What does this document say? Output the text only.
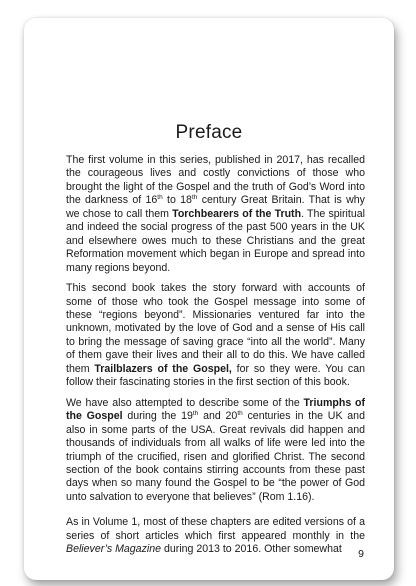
Preface

The first volume in this series, published in 2017, has recalled the courageous lives and costly convictions of those who brought the light of the Gospel and the truth of God’s Word into the darkness of 16th to 18th century Great Britain. That is why we chose to call them Torchbearers of the Truth. The spiritual and indeed the social progress of the past 500 years in the UK and elsewhere owes much to these Christians and the great Reformation movement which began in Europe and spread into many regions beyond.

This second book takes the story forward with accounts of some of those who took the Gospel message into some of these “regions beyond”. Missionaries ventured far into the unknown, motivated by the love of God and a sense of His call to bring the message of saving grace “into all the world”. Many of them gave their lives and their all to do this. We have called them Trailblazers of the Gospel, for so they were. You can follow their fascinating stories in the first section of this book.

We have also attempted to describe some of the Triumphs of the Gospel during the 19th and 20th centuries in the UK and also in some parts of the USA. Great revivals did happen and thousands of individuals from all walks of life were led into the triumph of the crucified, risen and glorified Christ. The second section of the book contains stirring accounts from these past days when so many found the Gospel to be “the power of God unto salvation to everyone that believes” (Rom 1.16).

As in Volume 1, most of these chapters are edited versions of a series of short articles which first appeared monthly in the Believer’s Magazine during 2013 to 2016. Other somewhat	9
